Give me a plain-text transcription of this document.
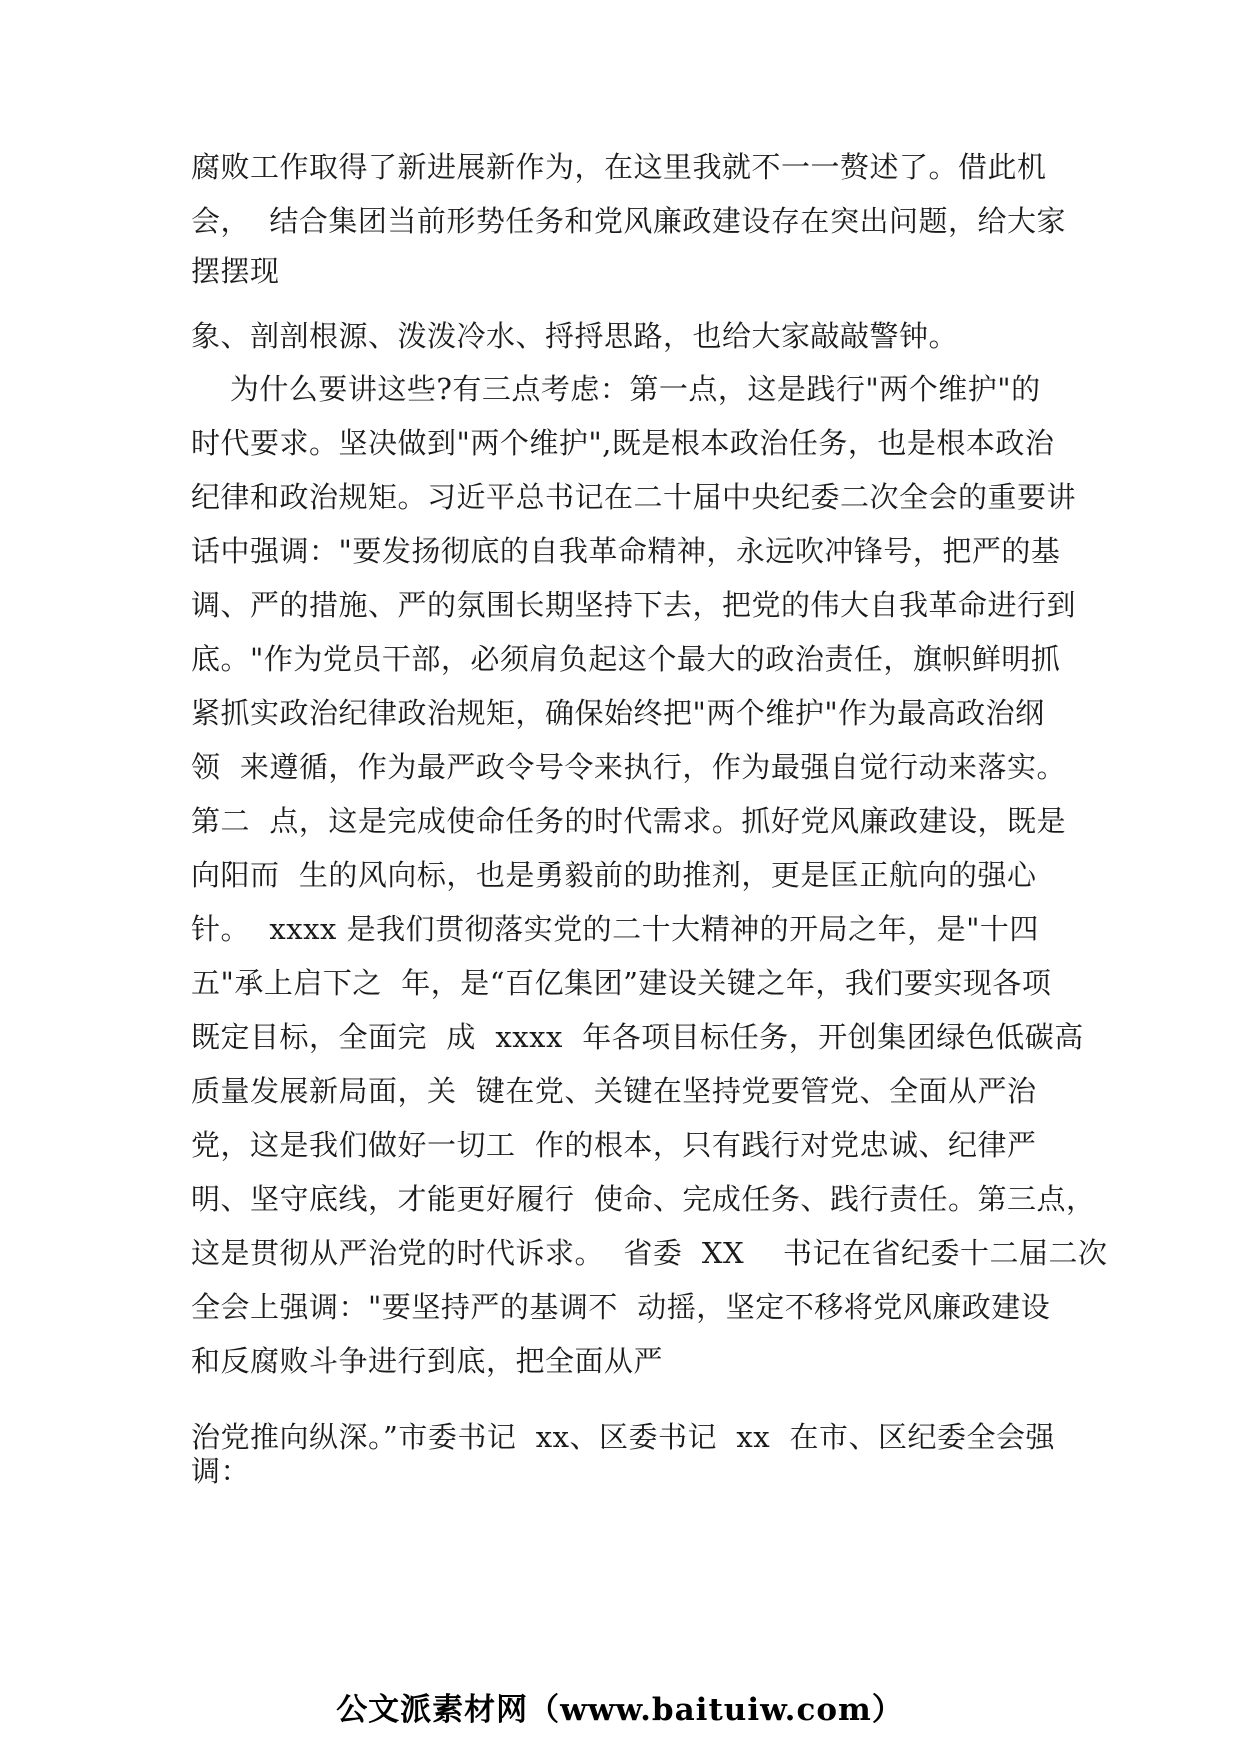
腐败工作取得了新进展新作为，在这里我就不一一赘述了。借此机
会，  结合集团当前形势任务和党风廉政建设存在突出问题，给大家
摆摆现
象、剖剖根源、泼泼冷水、捋捋思路，也给大家敲敲警钟。
为什么要讲这些?有三点考虑：第一点，这是践行"两个维护"的
时代要求。坚决做到"两个维护",既是根本政治任务，也是根本政治
纪律和政治规矩。习近平总书记在二十届中央纪委二次全会的重要讲
话中强调："要发扬彻底的自我革命精神，永远吹冲锋号，把严的基
调、严的措施、严的氛围长期坚持下去，把党的伟大自我革命进行到
底。"作为党员干部，必须肩负起这个最大的政治责任，旗帜鲜明抓
紧抓实政治纪律政治规矩，确保始终把"两个维护"作为最高政治纲
领  来遵循，作为最严政令号令来执行，作为最强自觉行动来落实。
第二  点，这是完成使命任务的时代需求。抓好党风廉政建设，既是
向阳而  生的风向标，也是勇毅前的助推剂，更是匡正航向的强心
针。  xxxx 是我们贯彻落实党的二十大精神的开局之年，是"十四
五"承上启下之  年，是“百亿集团”建设关键之年，我们要实现各项
既定目标，全面完  成  xxxx  年各项目标任务，开创集团绿色低碳高
质量发展新局面，关  键在党、关键在坚持党要管党、全面从严治
党，这是我们做好一切工  作的根本，只有践行对党忠诚、纪律严
明、坚守底线，才能更好履行  使命、完成任务、践行责任。第三点，
这是贯彻从严治党的时代诉求。  省委  XX    书记在省纪委十二届二次
全会上强调："要坚持严的基调不  动摇，坚定不移将党风廉政建设
和反腐败斗争进行到底，把全面从严
治党推向纵深。”市委书记  xx、区委书记  xx  在市、区纪委全会强
调：
公文派素材网（www.baituiw.com）
